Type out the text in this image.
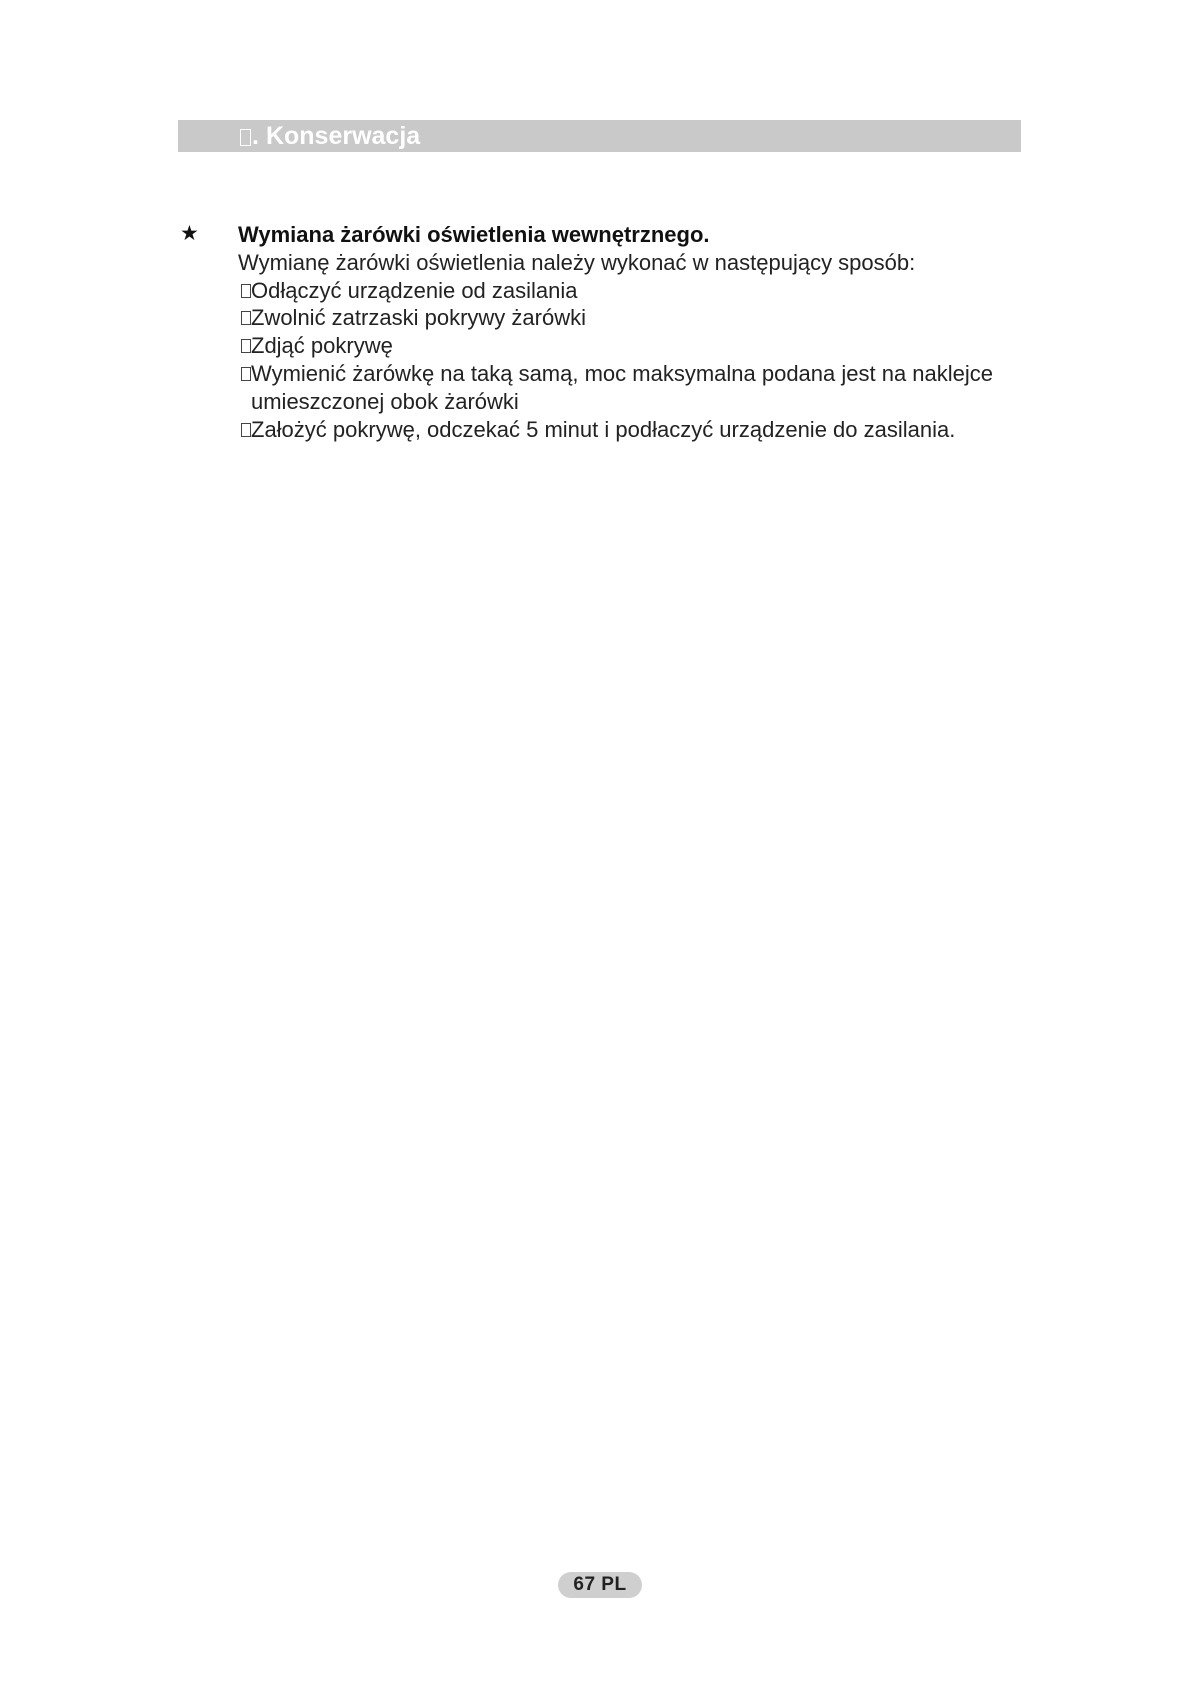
. Konserwacja
★ Wymiana żarówki oświetlenia wewnętrznego.
Wymianę żarówki oświetlenia należy wykonać w następujący sposób:
Odłączyć urządzenie od zasilania
Zwolnić zatrzaski pokrywy żarówki
Zdjąć pokrywę
Wymienić żarówkę na taką samą, moc maksymalna podana jest na naklejce umieszczonej obok żarówki
Założyć pokrywę, odczekać 5 minut i podłaczyć urządzenie do zasilania.
67 PL
